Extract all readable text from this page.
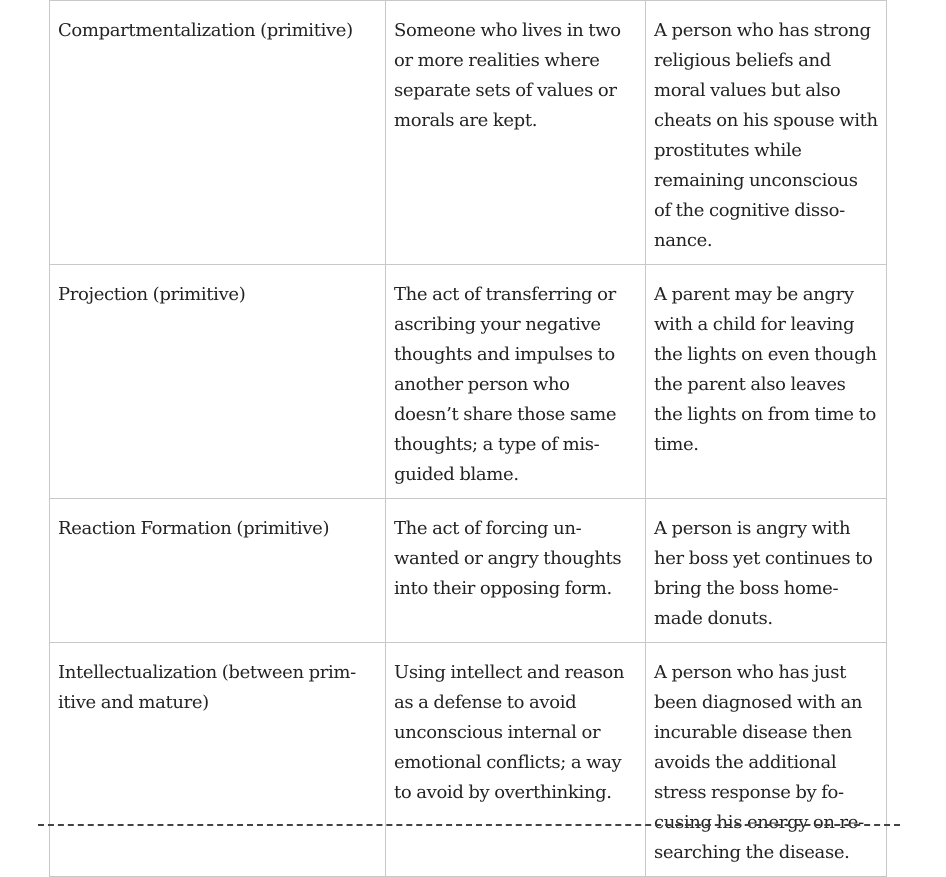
Compartmentalization (primitive)	Someone who lives in two or more realities where separate sets of values or morals are kept.	A person who has strong religious beliefs and moral values but also cheats on his spouse with prostitutes while remaining unconscious of the cognitive dissonance.
Projection (primitive)	The act of transferring or ascribing your negative thoughts and impulses to another person who doesn’t share those same thoughts; a type of misguided blame.	A parent may be angry with a child for leaving the lights on even though the parent also leaves the lights on from time to time.
Reaction Formation (primitive)	The act of forcing unwanted or angry thoughts into their opposing form.	A person is angry with her boss yet continues to bring the boss homemade donuts.
Intellectualization (between primitive and mature)	Using intellect and reason as a defense to avoid unconscious internal or emotional conflicts; a way to avoid by overthinking.	A person who has just been diagnosed with an incurable disease then avoids the additional stress response by focusing his energy on researching the disease.
